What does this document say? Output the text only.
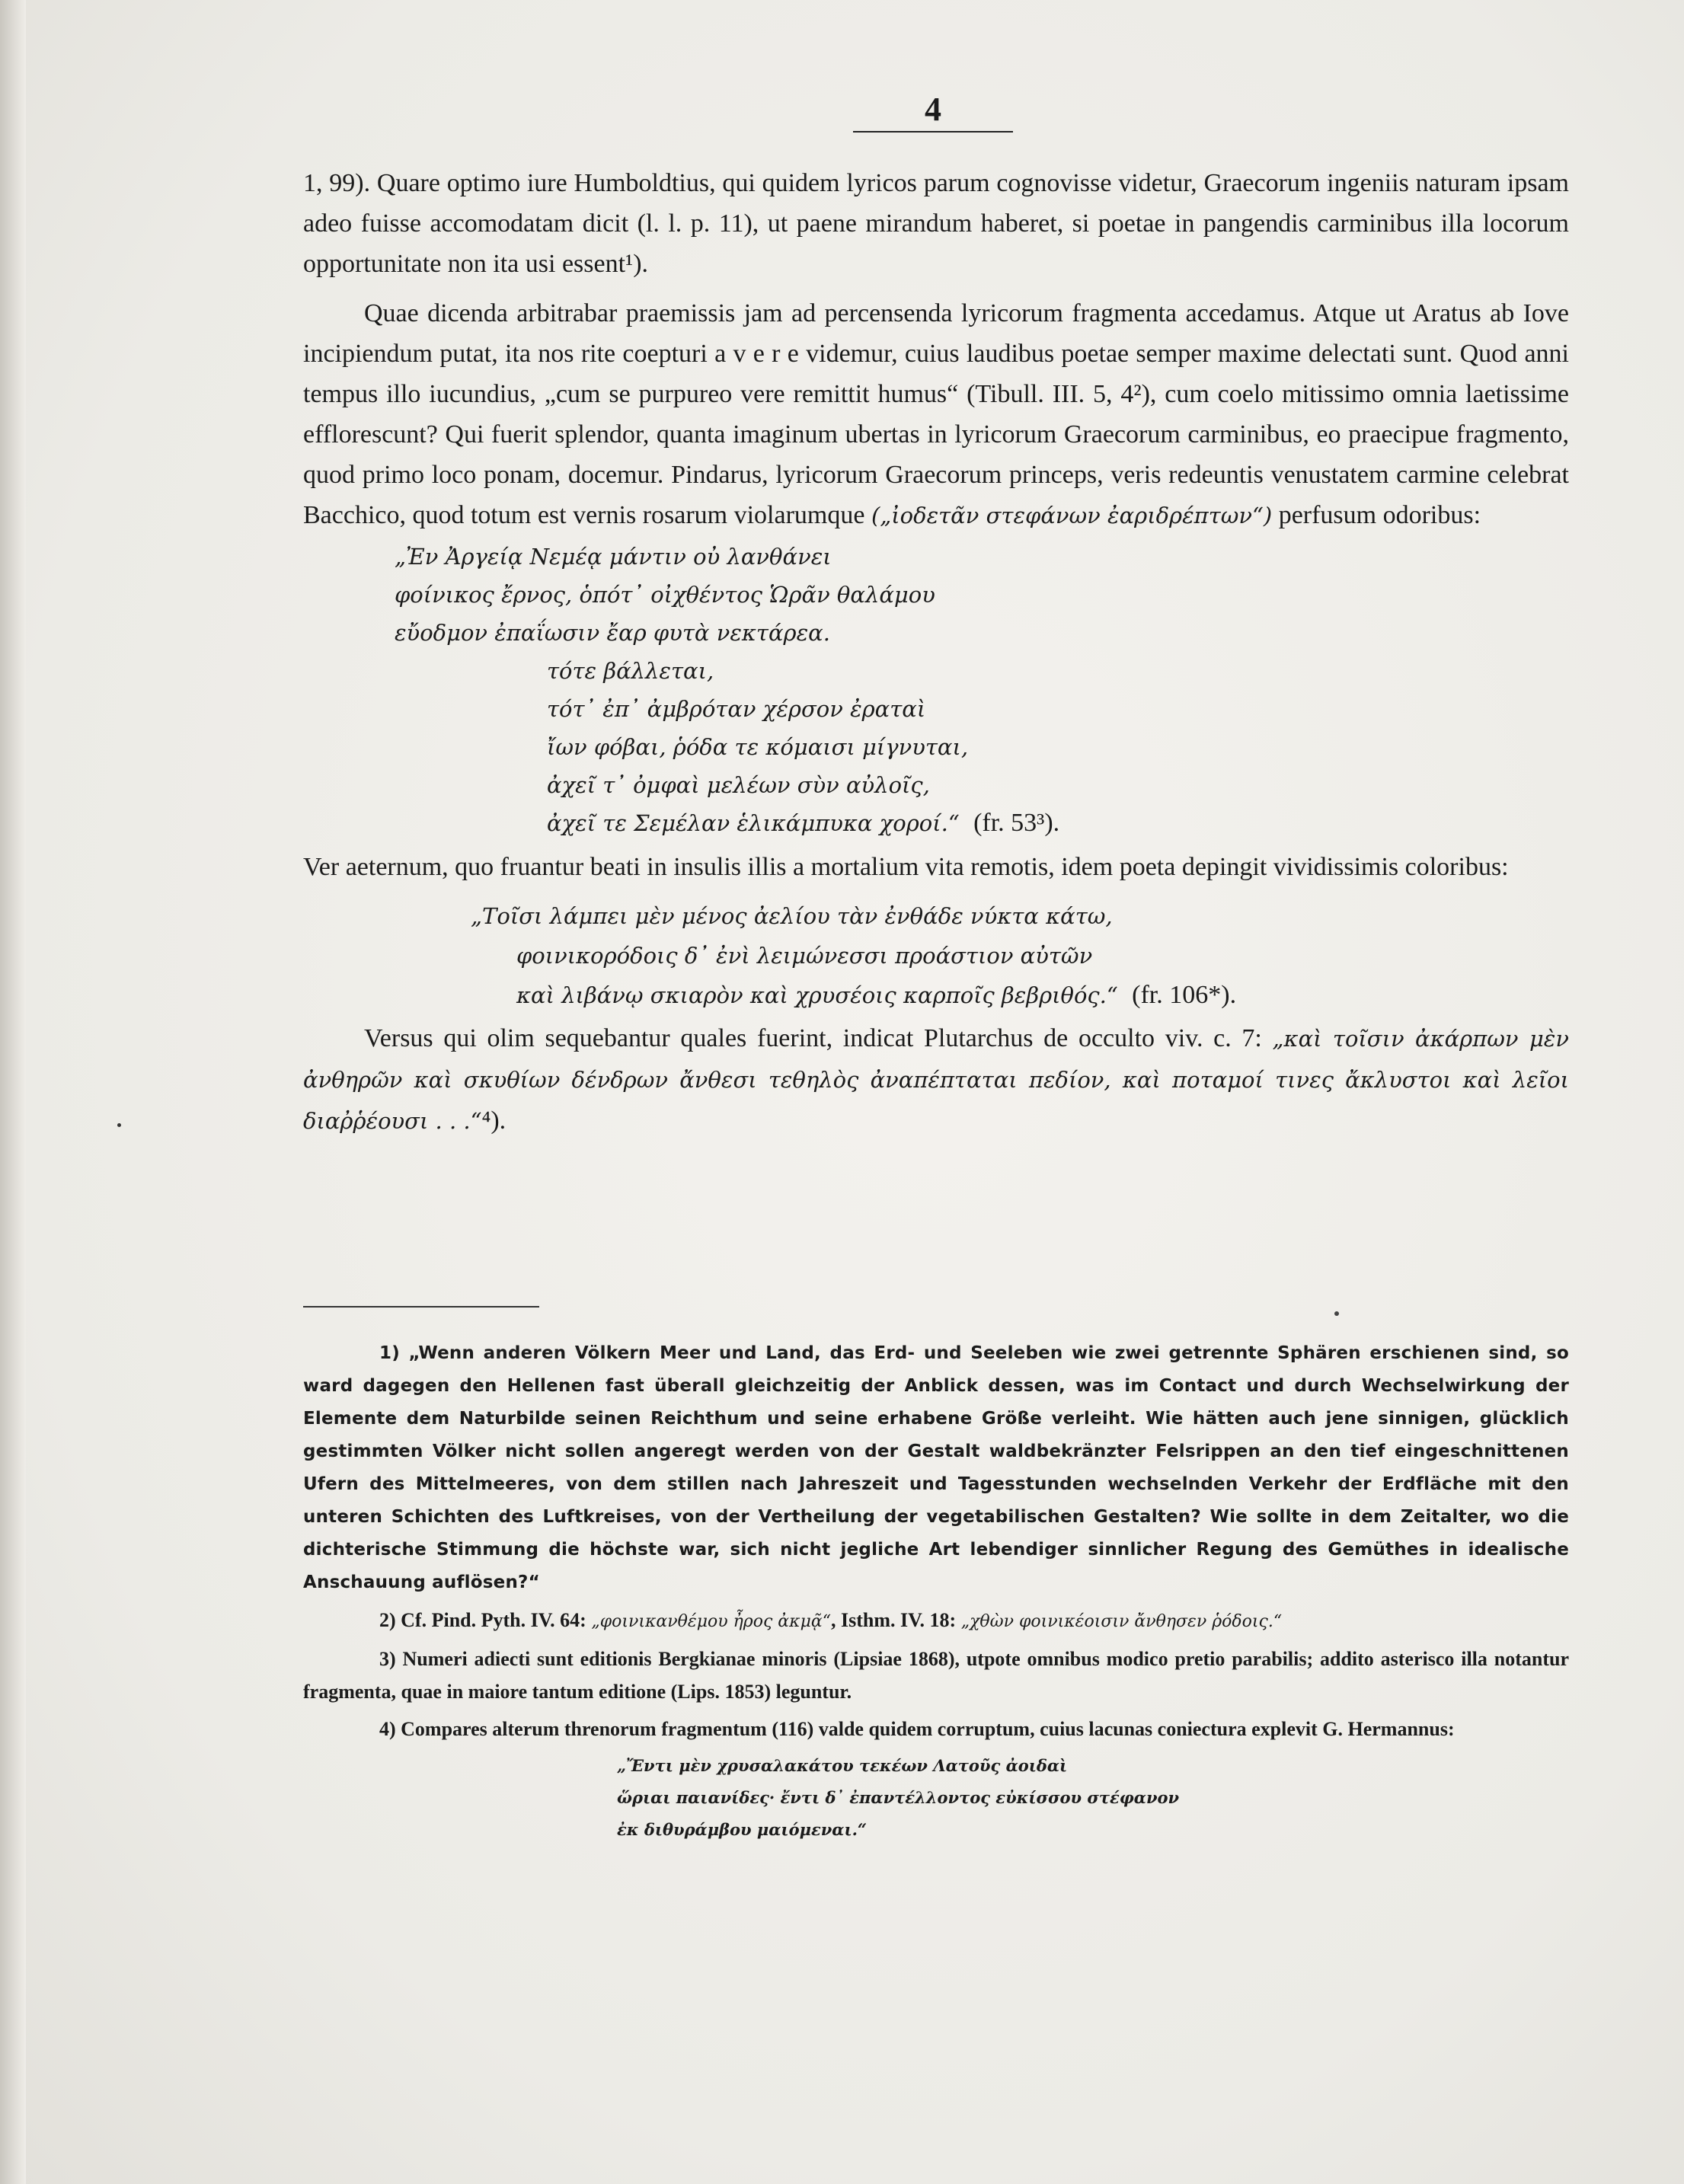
4

1, 99). Quare optimo iure Humboldtius, qui quidem lyricos parum cognovisse videtur, Graecorum ingeniis naturam ipsam adeo fuisse accomodatam dicit (l. l. p. 11), ut paene mirandum haberet, si poetae in pangendis carminibus illa locorum opportunitate non ita usi essent¹).

Quae dicenda arbitrabar praemissis jam ad percensenda lyricorum fragmenta accedamus. Atque ut Aratus ab Iove incipiendum putat, ita nos rite coepturi a v e r e videmur, cuius laudibus poetae semper maxime delectati sunt. Quod anni tempus illo iucundius, „cum se purpureo vere remittit humus“ (Tibull. III. 5, 4²), cum coelo mitissimo omnia laetissime efflorescunt? Qui fuerit splendor, quanta imaginum ubertas in lyricorum Graecorum carminibus, eo praecipue fragmento, quod primo loco ponam, docemur. Pindarus, lyricorum Graecorum princeps, veris redeuntis venustatem carmine celebrat Bacchico, quod totum est vernis rosarum violarumque („ἰοδετᾶν στεφάνων ἐαριδρέπτων“) perfusum odoribus:

„Ἐν Ἀργείᾳ Νεμέᾳ μάντιν οὐ λανθάνει
φοίνικος ἔρνος, ὁπότ᾽ οἰχθέντος Ὡρᾶν θαλάμου
εὔοδμον ἐπαΐωσιν ἔαρ φυτὰ νεκτάρεα.
τότε βάλλεται,
τότ᾽ ἐπ᾽ ἀμβρόταν χέρσον ἐραταὶ
ἴων φόβαι, ῥόδα τε κόμαισι μίγνυται,
ἀχεῖ τ᾽ ὀμφαὶ μελέων σὺν αὐλοῖς,
ἀχεῖ τε Σεμέλαν ἑλικάμπυκα χοροί.“ (fr. 53³).

Ver aeternum, quo fruantur beati in insulis illis a mortalium vita remotis, idem poeta depingit vividissimis coloribus:

„Τοῖσι λάμπει μὲν μένος ἀελίου τὰν ἐνθάδε νύκτα κάτω,
φοινικορόδοις δ᾽ ἐνὶ λειμώνεσσι προάστιον αὐτῶν
καὶ λιβάνῳ σκιαρὸν καὶ χρυσέοις καρποῖς βεβριθός.“ (fr. 106*).

Versus qui olim sequebantur quales fuerint, indicat Plutarchus de occulto viv. c. 7: „καὶ τοῖσιν ἀκάρπων μὲν ἀνθηρῶν καὶ σκυθίων δένδρων ἄνθεσι τεθηλὸς ἀναπέπταται πεδίον, καὶ ποταμοί τινες ἄκλυστοι καὶ λεῖοι διαῤῥέουσι . . .“⁴).

1) „Wenn anderen Völkern Meer und Land, das Erd- und Seeleben wie zwei getrennte Sphären erschienen sind, so ward dagegen den Hellenen fast überall gleichzeitig der Anblick dessen, was im Contact und durch Wechselwirkung der Elemente dem Naturbilde seinen Reichthum und seine erhabene Größe verleiht. Wie hätten auch jene sinnigen, glücklich gestimmten Völker nicht sollen angeregt werden von der Gestalt waldbekränzter Felsrippen an den tief eingeschnittenen Ufern des Mittelmeeres, von dem stillen nach Jahreszeit und Tagesstunden wechselnden Verkehr der Erdfläche mit den unteren Schichten des Luftkreises, von der Vertheilung der vegetabilischen Gestalten? Wie sollte in dem Zeitalter, wo die dichterische Stimmung die höchste war, sich nicht jegliche Art lebendiger sinnlicher Regung des Gemüthes in idealische Anschauung auflösen?“

2) Cf. Pind. Pyth. IV. 64: „φοινικανθέμου ἦρος ἀκμᾷ“, Isthm. IV. 18: „χθὼν φοινικέοισιν ἄνθησεν ῥόδοις.“

3) Numeri adiecti sunt editionis Bergkianae minoris (Lipsiae 1868), utpote omnibus modico pretio parabilis; addito asterisco illa notantur fragmenta, quae in maiore tantum editione (Lips. 1853) leguntur.

4) Compares alterum threnorum fragmentum (116) valde quidem corruptum, cuius lacunas coniectura explevit G. Hermannus:

„Ἔντι μὲν χρυσαλακάτου τεκέων Λατοῦς ἀοιδαὶ
ὥριαι παιανίδες· ἔντι δ᾽ ἐπαντέλλοντος εὐκίσσου στέφανον
ἐκ διθυράμβου μαιόμεναι.“
